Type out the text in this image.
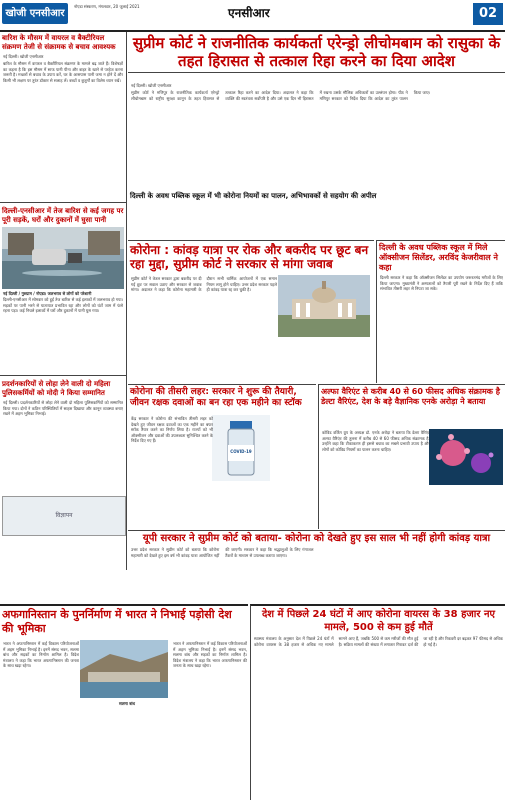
खोजी एनसीआर
नोएडा संस्करण, मंगलवार, 20 जुलाई 2021	एनसीआर	02
बारिश के मौसम में वायरल व बैक्टीरियल संक्रमण तेजी से संक्रामक से बचाव आवश्यक
नई दिल्ली। खोजी एनसीआर
बारिश के मौसम में वायरल व बैक्टीरियल संक्रमण के मामले बढ़ जाते हैं। विशेषज्ञों का कहना है कि इस मौसम में साफ पानी पीना और बाहर के खाने से परहेज करना जरूरी है। मच्छरों से बचाव के उपाय करें, घर के आसपास पानी जमा न होने दें और किसी भी लक्षण पर तुरंत डॉक्टर से सलाह लें। बच्चों व बुजुर्गों का विशेष ध्यान रखें।
दिल्ली-एनसीआर में तेज बारिश से कई जगह पर पूरी सड़कें, घरों और दुकानों में घुसा पानी
नई दिल्ली / गुरुग्राम / नोएडा। जलभराव से लोगों को परेशानी
दिल्ली-एनसीआर में सोमवार को हुई तेज बारिश से कई इलाकों में जलभराव हो गया। सड़कों पर पानी भरने से यातायात प्रभावित रहा और लोगों को घंटों जाम में फंसे रहना पड़ा। कई निचले इलाकों में घरों और दुकानों में पानी घुस गया।
प्रदर्शनकारियों से लोहा लेने वाली दो महिला पुलिसकर्मियों को मोदी ने किया सम्मानित
नई दिल्ली। प्रदर्शनकारियों से लोहा लेने वाली दो महिला पुलिसकर्मियों को सम्मानित किया गया। दोनों ने कठिन परिस्थितियों में साहस दिखाया और कानून व्यवस्था बनाए रखने में अहम भूमिका निभाई।
सुप्रीम कोर्ट ने राजनीतिक कार्यकर्ता एरेन्ड्रो लीचोमबाम को रासुका के तहत हिरासत से तत्काल रिहा करने का दिया आदेश
नई दिल्ली। खोजी एनसीआर
सुप्रीम कोर्ट ने मणिपुर के राजनीतिक कार्यकर्ता एरेन्ड्रो लीचोमबाम को राष्ट्रीय सुरक्षा कानून के तहत हिरासत से तत्काल रिहा करने का आदेश दिया। अदालत ने कहा कि व्यक्ति की स्वतंत्रता सर्वोपरि है और उसे एक दिन भी हिरासत में रखना उसके मौलिक अधिकारों का उल्लंघन होगा। पीठ ने मणिपुर सरकार को निर्देश दिया कि आदेश का तुरंत पालन किया जाए।
दिल्ली के अवध पब्लिक स्कूल में भी कोरोना नियमों का पालन, अभिभावकों से सहयोग की अपील
कोरोना : कांवड़ यात्रा पर रोक और बकरीद पर छूट बन रहा मुद्दा, सुप्रीम कोर्ट ने सरकार से मांगा जवाब
सुप्रीम कोर्ट ने केरल सरकार द्वारा बकरीद पर दी गई छूट पर सवाल उठाए और सरकार से जवाब मांगा। अदालत ने कहा कि कोरोना महामारी के दौरान सभी धार्मिक आयोजनों में एक समान नियम लागू होने चाहिए। उत्तर प्रदेश सरकार पहले ही कांवड़ यात्रा रद्द कर चुकी है।
दिल्ली के अवध पब्लिक स्कूल में मिले ऑक्सीजन सिलेंडर, अरविंद केजरीवाल ने कहा
दिल्ली सरकार ने कहा कि ऑक्सीजन सिलेंडर का उपयोग जरूरतमंद मरीजों के लिए किया जाएगा। मुख्यमंत्री ने अस्पतालों को तैयारी पूरी रखने के निर्देश दिए हैं ताकि संभावित तीसरी लहर से निपटा जा सके।
कोरोना की तीसरी लहर: सरकार ने शुरू की तैयारी, जीवन रक्षक दवाओं का बन रहा एक महीने का स्टॉक
COVID-19
केंद्र सरकार ने कोरोना की संभावित तीसरी लहर को देखते हुए जीवन रक्षक दवाओं का एक महीने का बफर स्टॉक तैयार करने का निर्णय लिया है। राज्यों को भी ऑक्सीजन और दवाओं की उपलब्धता सुनिश्चित करने के निर्देश दिए गए हैं।
अल्फा वैरिएंट से करीब 40 से 60 फीसद अधिक संक्रामक है डेल्टा वैरिएंट, देश के बड़े वैज्ञानिक एनके अरोड़ा ने बताया
कोविड वर्किंग ग्रुप के अध्यक्ष डॉ. एनके अरोड़ा ने बताया कि डेल्टा वैरिएंट अल्फा वैरिएंट की तुलना में करीब 40 से 60 फीसद अधिक संक्रामक है। उन्होंने कहा कि टीकाकरण ही इससे बचाव का सबसे प्रभावी उपाय है और लोगों को कोविड नियमों का पालन करना चाहिए।
यूपी सरकार ने सुप्रीम कोर्ट को बताया- कोरोना को देखते हुए इस साल भी नहीं होगी कांवड़ यात्रा
उत्तर प्रदेश सरकार ने सुप्रीम कोर्ट को बताया कि कोरोना महामारी को देखते हुए इस वर्ष भी कांवड़ यात्रा आयोजित नहीं की जाएगी। सरकार ने कहा कि श्रद्धालुओं के लिए गंगाजल टैंकरों के माध्यम से उपलब्ध कराया जाएगा।
विज्ञापन
अफगानिस्तान के पुनर्निर्माण में भारत ने निभाई पड़ोसी देश की भूमिका
सलमा बांध
भारत ने अफगानिस्तान में कई विकास परियोजनाओं में अहम भूमिका निभाई है। इनमें संसद भवन, सलमा बांध और सड़कों का निर्माण शामिल है। विदेश मंत्रालय ने कहा कि भारत अफगानिस्तान की जनता के साथ खड़ा रहेगा।
भारत ने अफगानिस्तान में कई विकास परियोजनाओं में अहम भूमिका निभाई है। इनमें संसद भवन, सलमा बांध और सड़कों का निर्माण शामिल है। विदेश मंत्रालय ने कहा कि भारत अफगानिस्तान की जनता के साथ खड़ा रहेगा।
देश में पिछले 24 घंटों में आए कोरोना वायरस के 38 हजार नए मामले, 500 से कम हुई मौतें
स्वास्थ्य मंत्रालय के अनुसार देश में पिछले 24 घंटों में कोरोना वायरस के 38 हजार से अधिक नए मामले सामने आए हैं, जबकि 500 से कम मरीजों की मौत हुई है। सक्रिय मामलों की संख्या में लगातार गिरावट दर्ज की जा रही है और रिकवरी दर बढ़कर 97 फीसद से अधिक हो गई है।
